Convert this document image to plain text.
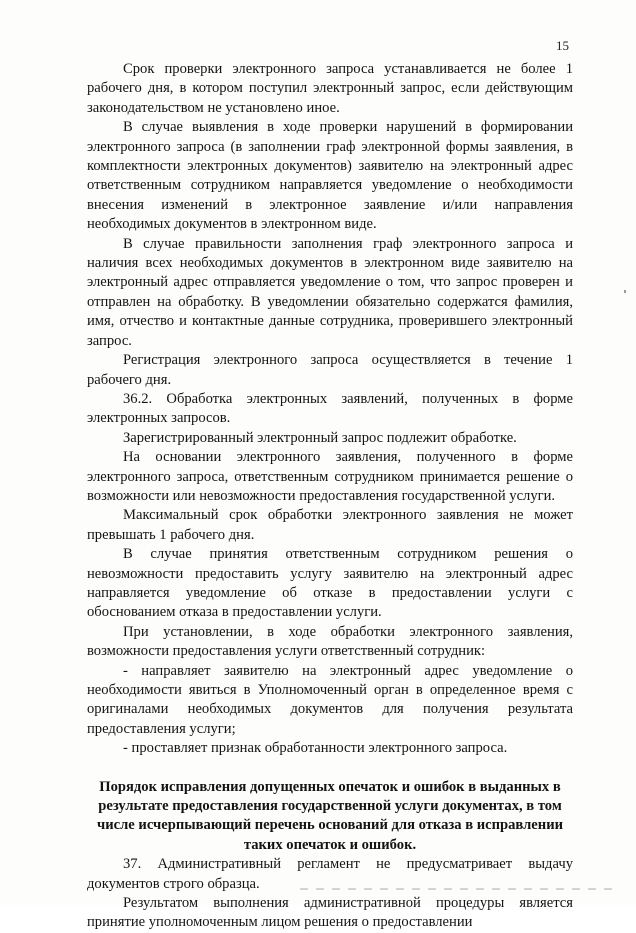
15

Срок проверки электронного запроса устанавливается не более 1 рабочего дня, в котором поступил электронный запрос, если действующим законодательством не установлено иное.

В случае выявления в ходе проверки нарушений в формировании электронного запроса (в заполнении граф электронной формы заявления, в комплектности электронных документов) заявителю на электронный адрес ответственным сотрудником направляется уведомление о необходимости внесения изменений в электронное заявление и/или направления необходимых документов в электронном виде.

В случае правильности заполнения граф электронного запроса и наличия всех необходимых документов в электронном виде заявителю на электронный адрес отправляется уведомление о том, что запрос проверен и отправлен на обработку. В уведомлении обязательно содержатся фамилия, имя, отчество и контактные данные сотрудника, проверившего электронный запрос.

Регистрация электронного запроса осуществляется в течение 1 рабочего дня.

36.2. Обработка электронных заявлений, полученных в форме электронных запросов.

Зарегистрированный электронный запрос подлежит обработке.

На основании электронного заявления, полученного в форме электронного запроса, ответственным сотрудником принимается решение о возможности или невозможности предоставления государственной услуги.

Максимальный срок обработки электронного заявления не может превышать 1 рабочего дня.

В случае принятия ответственным сотрудником решения о невозможности предоставить услугу заявителю на электронный адрес направляется уведомление об отказе в предоставлении услуги с обоснованием отказа в предоставлении услуги.

При установлении, в ходе обработки электронного заявления, возможности предоставления услуги ответственный сотрудник:

- направляет заявителю на электронный адрес уведомление о необходимости явиться в Уполномоченный орган в определенное время с оригиналами необходимых документов для получения результата предоставления услуги;

- проставляет признак обработанности электронного запроса.

Порядок исправления допущенных опечаток и ошибок в выданных в результате предоставления государственной услуги документах, в том числе исчерпывающий перечень оснований для отказа в исправлении таких опечаток и ошибок.

37. Административный регламент не предусматривает выдачу документов строго образца.

Результатом выполнения административной процедуры является принятие уполномоченным лицом решения о предоставлении
